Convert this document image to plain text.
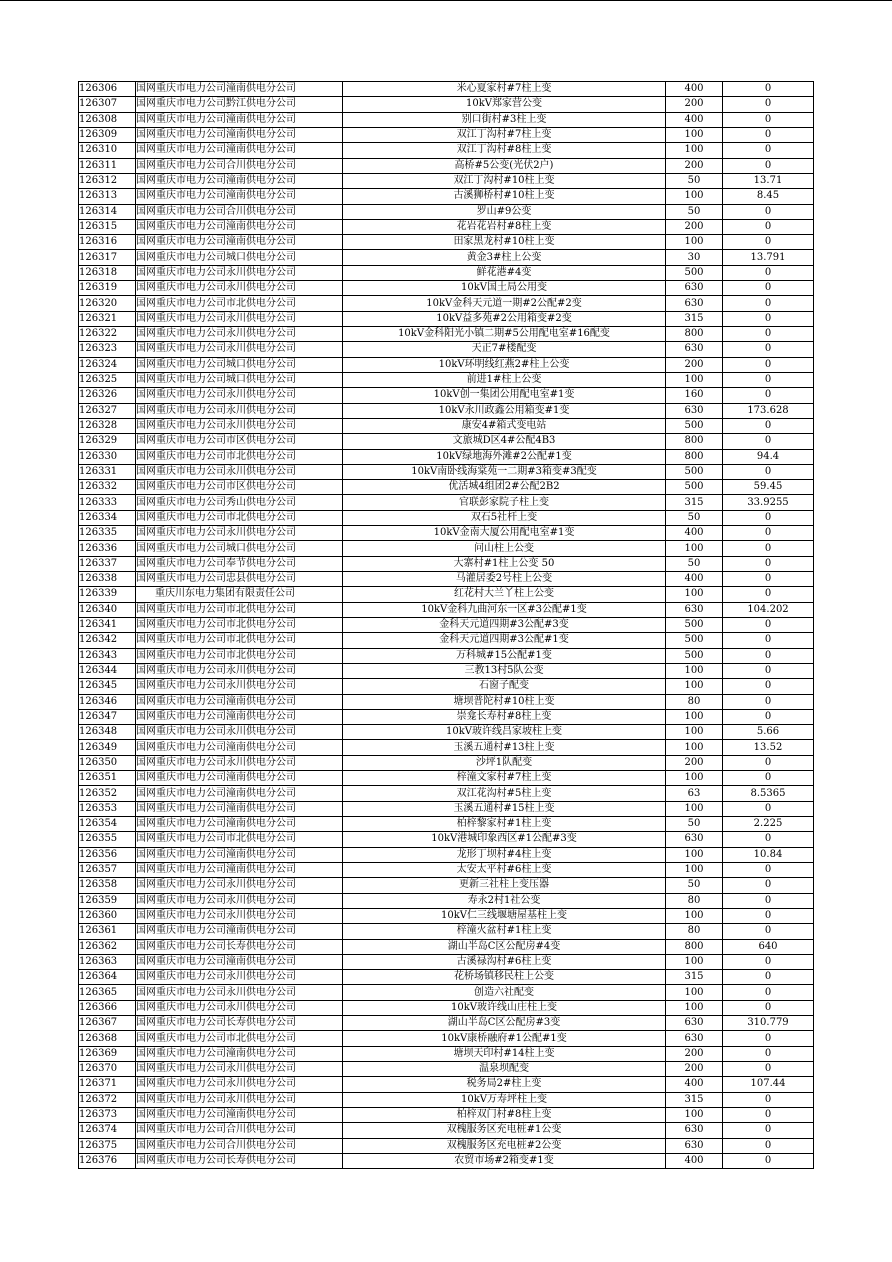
126306	国网重庆市电力公司潼南供电分公司	米心夏家村#7柱上变	400	0
126307	国网重庆市电力公司黔江供电分公司	10kV郑家营公变	200	0
126308	国网重庆市电力公司潼南供电分公司	别口街村#3柱上变	400	0
126309	国网重庆市电力公司潼南供电分公司	双江丁沟村#7柱上变	100	0
126310	国网重庆市电力公司潼南供电分公司	双江丁沟村#8柱上变	100	0
126311	国网重庆市电力公司合川供电分公司	高桥#5公变(光伏2户)	200	0
126312	国网重庆市电力公司潼南供电分公司	双江丁沟村#10柱上变	50	13.71
126313	国网重庆市电力公司潼南供电分公司	古溪狮桥村#10柱上变	100	8.45
126314	国网重庆市电力公司合川供电分公司	罗山#9公变	50	0
126315	国网重庆市电力公司潼南供电分公司	花岩花岩村#8柱上变	200	0
126316	国网重庆市电力公司潼南供电分公司	田家黑龙村#10柱上变	100	0
126317	国网重庆市电力公司城口供电分公司	黄金3#柱上公变	30	13.791
126318	国网重庆市电力公司永川供电分公司	鲜花港#4变	500	0
126319	国网重庆市电力公司永川供电分公司	10kV国土局公用变	630	0
126320	国网重庆市电力公司市北供电分公司	10kV金科天元道一期#2公配#2变	630	0
126321	国网重庆市电力公司永川供电分公司	10kV益多苑#2公用箱变#2变	315	0
126322	国网重庆市电力公司永川供电分公司	10kV金科阳光小镇二期#5公用配电室#16配变	800	0
126323	国网重庆市电力公司永川供电分公司	天正7#楼配变	630	0
126324	国网重庆市电力公司城口供电分公司	10kV环明线红燕2#柱上公变	200	0
126325	国网重庆市电力公司城口供电分公司	前进1#柱上公变	100	0
126326	国网重庆市电力公司永川供电分公司	10kV创一集团公用配电室#1变	160	0
126327	国网重庆市电力公司永川供电分公司	10kV永川政鑫公用箱变#1变	630	173.628
126328	国网重庆市电力公司永川供电分公司	康安4#箱式变电站	500	0
126329	国网重庆市电力公司市区供电分公司	文旅城D区4#公配4B3	800	0
126330	国网重庆市电力公司市北供电分公司	10kV绿地海外滩#2公配#1变	800	94.4
126331	国网重庆市电力公司永川供电分公司	10kV南卧线海棠苑一二期#3箱变#3配变	500	0
126332	国网重庆市电力公司市区供电分公司	优活城4组团2#公配2B2	500	59.45
126333	国网重庆市电力公司秀山供电分公司	官联彭家院子柱上变	315	33.9255
126334	国网重庆市电力公司市北供电分公司	双石5社杆上变	50	0
126335	国网重庆市电力公司永川供电分公司	10kV金南大厦公用配电室#1变	400	0
126336	国网重庆市电力公司城口供电分公司	问山柱上公变	100	0
126337	国网重庆市电力公司奉节供电分公司	大寨村#1柱上公变 50	50	0
126338	国网重庆市电力公司忠县供电分公司	马灌居委2号柱上公变	400	0
126339	重庆川东电力集团有限责任公司	红花村大兰丫柱上公变	100	0
126340	国网重庆市电力公司市北供电分公司	10kV金科九曲河东一区#3公配#1变	630	104.202
126341	国网重庆市电力公司市北供电分公司	金科天元道四期#3公配#3变	500	0
126342	国网重庆市电力公司市北供电分公司	金科天元道四期#3公配#1变	500	0
126343	国网重庆市电力公司市北供电分公司	万科城#15公配#1变	500	0
126344	国网重庆市电力公司永川供电分公司	三教13村5队公变	100	0
126345	国网重庆市电力公司永川供电分公司	石窗子配变	100	0
126346	国网重庆市电力公司潼南供电分公司	塘坝普陀村#10柱上变	80	0
126347	国网重庆市电力公司潼南供电分公司	崇龛长寿村#8柱上变	100	0
126348	国网重庆市电力公司永川供电分公司	10kV玻许线吕家坡柱上变	100	5.66
126349	国网重庆市电力公司潼南供电分公司	玉溪五通村#13柱上变	100	13.52
126350	国网重庆市电力公司永川供电分公司	沙坪1队配变	200	0
126351	国网重庆市电力公司潼南供电分公司	梓潼文家村#7柱上变	100	0
126352	国网重庆市电力公司潼南供电分公司	双江花沟村#5柱上变	63	8.5365
126353	国网重庆市电力公司潼南供电分公司	玉溪五通村#15柱上变	100	0
126354	国网重庆市电力公司潼南供电分公司	柏梓黎家村#1柱上变	50	2.225
126355	国网重庆市电力公司市北供电分公司	10kV港城印象西区#1公配#3变	630	0
126356	国网重庆市电力公司潼南供电分公司	龙形丁坝村#4柱上变	100	10.84
126357	国网重庆市电力公司潼南供电分公司	太安太平村#6柱上变	100	0
126358	国网重庆市电力公司永川供电分公司	更新三社柱上变压器	50	0
126359	国网重庆市电力公司永川供电分公司	寿永2村1社公变	80	0
126360	国网重庆市电力公司永川供电分公司	10kV仁三线堰塘屋基柱上变	100	0
126361	国网重庆市电力公司潼南供电分公司	梓潼火盆村#1柱上变	80	0
126362	国网重庆市电力公司长寿供电分公司	湖山半岛C区公配房#4变	800	640
126363	国网重庆市电力公司潼南供电分公司	古溪禄沟村#6柱上变	100	0
126364	国网重庆市电力公司永川供电分公司	花桥场镇移民柱上公变	315	0
126365	国网重庆市电力公司永川供电分公司	创造六社配变	100	0
126366	国网重庆市电力公司永川供电分公司	10kV玻许线山庄柱上变	100	0
126367	国网重庆市电力公司长寿供电分公司	湖山半岛C区公配房#3变	630	310.779
126368	国网重庆市电力公司市北供电分公司	10kV康桥融府#1公配#1变	630	0
126369	国网重庆市电力公司潼南供电分公司	塘坝天印村#14柱上变	200	0
126370	国网重庆市电力公司永川供电分公司	温泉坝配变	200	0
126371	国网重庆市电力公司永川供电分公司	税务局2#柱上变	400	107.44
126372	国网重庆市电力公司永川供电分公司	10kV万寿坪柱上变	315	0
126373	国网重庆市电力公司潼南供电分公司	柏梓双门村#8柱上变	100	0
126374	国网重庆市电力公司合川供电分公司	双槐服务区充电桩#1公变	630	0
126375	国网重庆市电力公司合川供电分公司	双槐服务区充电桩#2公变	630	0
126376	国网重庆市电力公司长寿供电分公司	农贸市场#2箱变#1变	400	0
